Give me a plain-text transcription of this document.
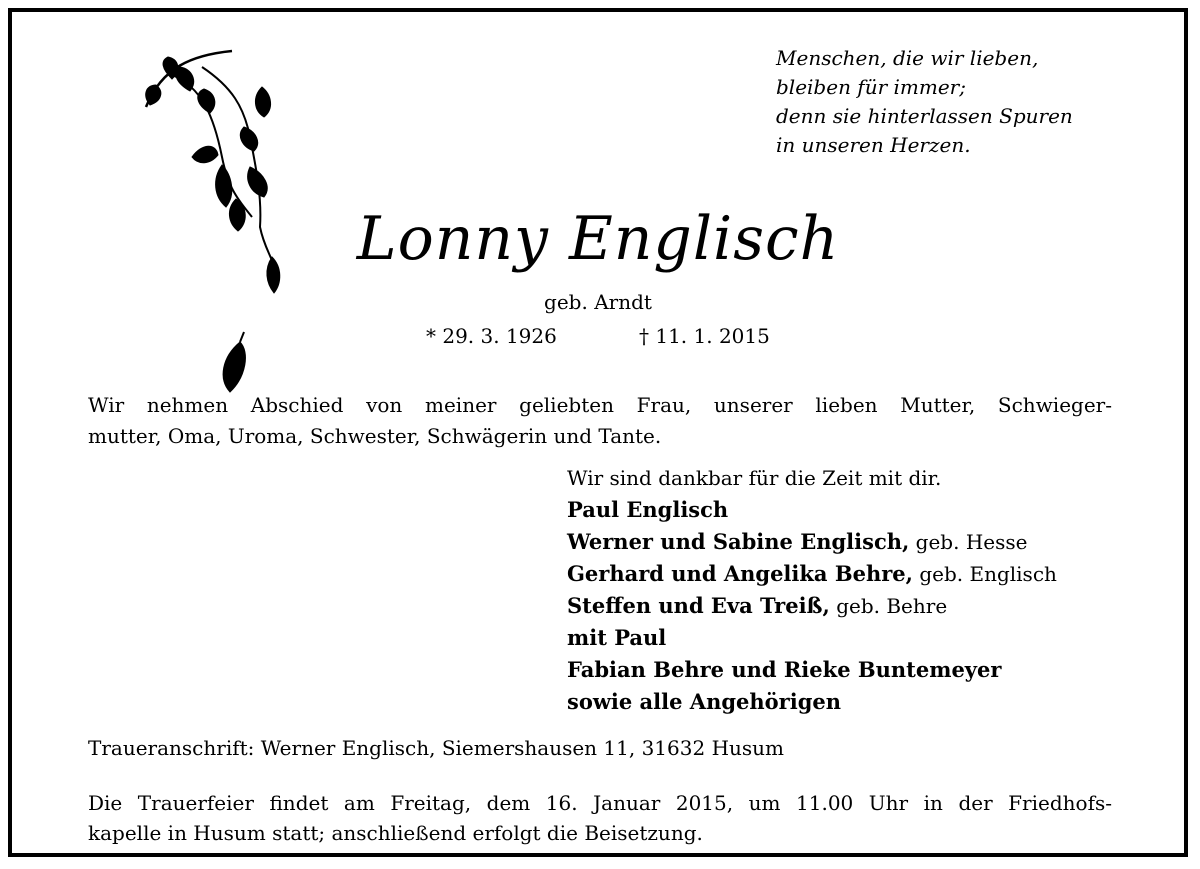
Menschen, die wir lieben,
bleiben für immer;
denn sie hinterlassen Spuren
in unseren Herzen.
Lonny Englisch
geb. Arndt
* 29. 3. 1926	† 11. 1. 2015
Wir nehmen Abschied von meiner geliebten Frau, unserer lieben Mutter, Schwieger-
mutter, Oma, Uroma, Schwester, Schwägerin und Tante.
Wir sind dankbar für die Zeit mit dir.
Paul Englisch
Werner und Sabine Englisch, geb. Hesse
Gerhard und Angelika Behre, geb. Englisch
Steffen und Eva Treiß, geb. Behre
mit Paul
Fabian Behre und Rieke Buntemeyer
sowie alle Angehörigen
Traueranschrift: Werner Englisch, Siemershausen 11, 31632 Husum
Die Trauerfeier findet am Freitag, dem 16. Januar 2015, um 11.00 Uhr in der Friedhofs-
kapelle in Husum statt; anschließend erfolgt die Beisetzung.
